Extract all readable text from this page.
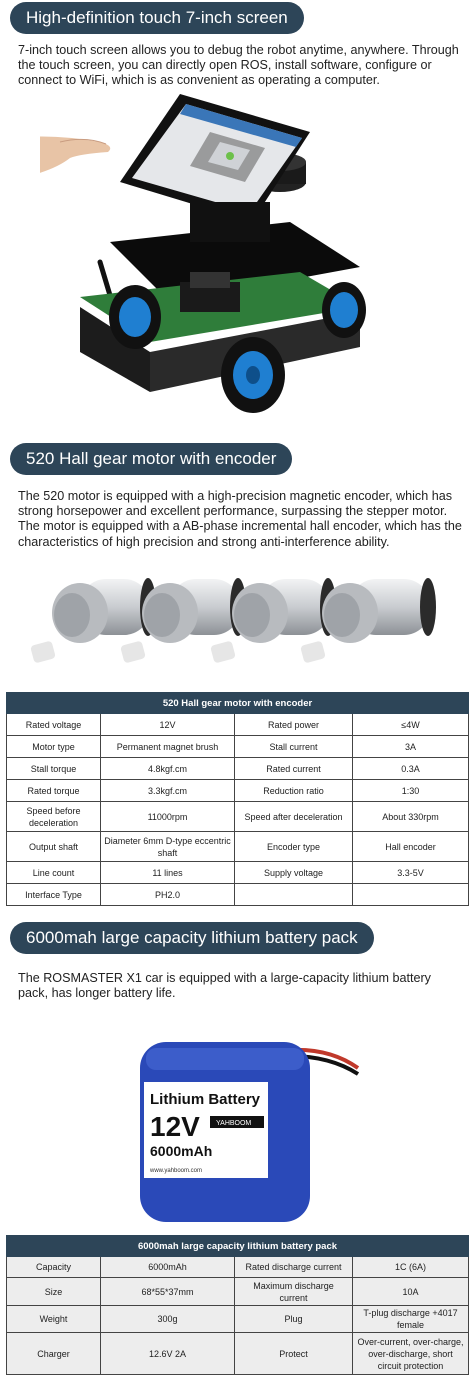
High-definition touch 7-inch screen
7-inch touch screen allows you to debug the robot anytime, anywhere. Through the touch screen, you can directly open ROS, install software, configure or connect to WiFi, which is as convenient as operating a computer.
520 Hall gear motor with encoder
The 520 motor is equipped with a high-precision magnetic encoder, which has strong horsepower and excellent performance, surpassing the stepper motor. The motor is equipped with a AB-phase incremental hall encoder, which has the characteristics of high precision and strong anti-interference ability.
520 Hall gear motor with encoder			
Rated voltage	12V	Rated power	≤4W
Motor type	Permanent magnet brush	Stall current	3A
Stall torque	4.8kgf.cm	Rated current	0.3A
Rated torque	3.3kgf.cm	Reduction ratio	1:30
Speed before deceleration	11000rpm	Speed after deceleration	About 330rpm
Output shaft	Diameter 6mm D-type eccentric shaft	Encoder type	Hall encoder
Line count	11 lines	Supply voltage	3.3-5V
Interface Type	PH2.0		
6000mah large capacity lithium battery pack
The ROSMASTER X1 car is equipped with a large-capacity lithium battery pack, has longer battery life.
Lithium Battery
12V YAHBOOM
6000mAh
www.yahboom.com
6000mah large capacity lithium battery pack			
Capacity	6000mAh	Rated discharge current	1C (6A)
Size	68*55*37mm	Maximum discharge current	10A
Weight	300g	Plug	T-plug discharge +4017 female
Charger	12.6V 2A	Protect	Over-current, over-charge, over-discharge, short circuit protection
